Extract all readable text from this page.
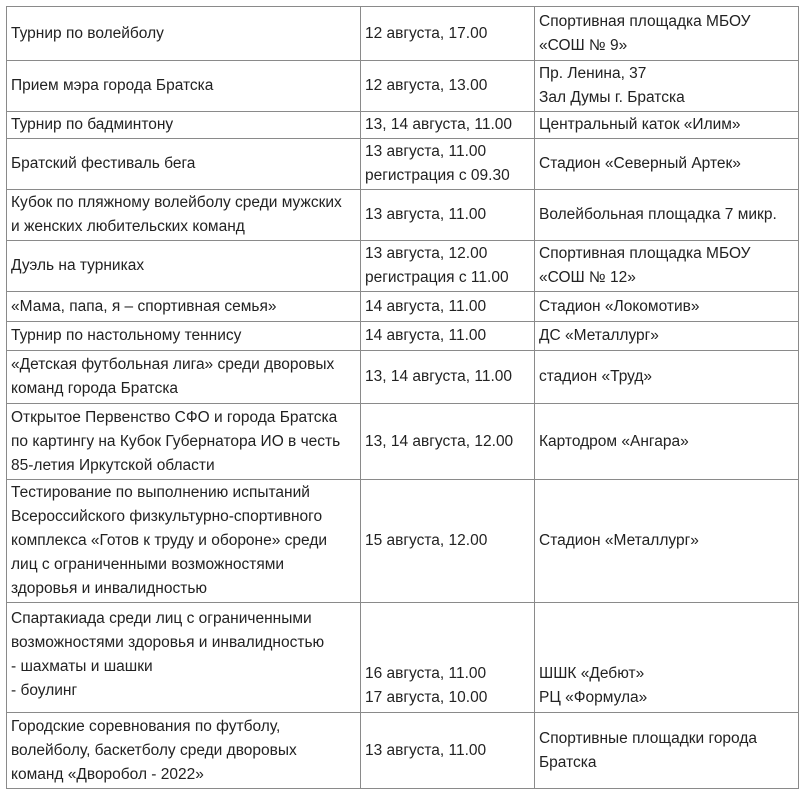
Турнир по волейболу	12 августа, 17.00	Спортивная площадка МБОУ
«СОШ № 9»

Прием мэра города Братска	12 августа, 13.00	Пр. Ленина, 37
Зал Думы г. Братска

Турнир по бадминтону	13, 14 августа, 11.00	Центральный каток «Илим»

Братский фестиваль бега	13 августа, 11.00
регистрация с 09.30	Стадион «Северный Артек»

Кубок по пляжному волейболу среди мужских
и женских любительских команд	13 августа, 11.00	Волейбольная площадка 7 микр.

Дуэль на турниках	13 августа, 12.00
регистрация с 11.00	Спортивная площадка МБОУ
«СОШ № 12»

«Мама, папа, я – спортивная семья»	14 августа, 11.00	Стадион «Локомотив»

Турнир по настольному теннису	14 августа, 11.00	ДС «Металлург»

«Детская футбольная лига» среди дворовых
команд города Братска	13, 14 августа, 11.00	стадион «Труд»

Открытое Первенство СФО и города Братска
по картингу на Кубок Губернатора ИО в честь
85-летия Иркутской области	13, 14 августа, 12.00	Картодром «Ангара»

Тестирование по выполнению испытаний
Всероссийского физкультурно-спортивного
комплекса «Готов к труду и обороне» среди
лиц с ограниченными возможностями
здоровья и инвалидностью	15 августа, 12.00	Стадион «Металлург»

Спартакиада среди лиц с ограниченными
возможностями здоровья и инвалидностью
- шахматы и шашки
- боулинг	16 августа, 11.00
17 августа, 10.00	ШШК «Дебют»
РЦ «Формула»

Городские соревнования по футболу,
волейболу, баскетболу среди дворовых
команд «Дворобол - 2022»	13 августа, 11.00	Спортивные площадки города
Братска
